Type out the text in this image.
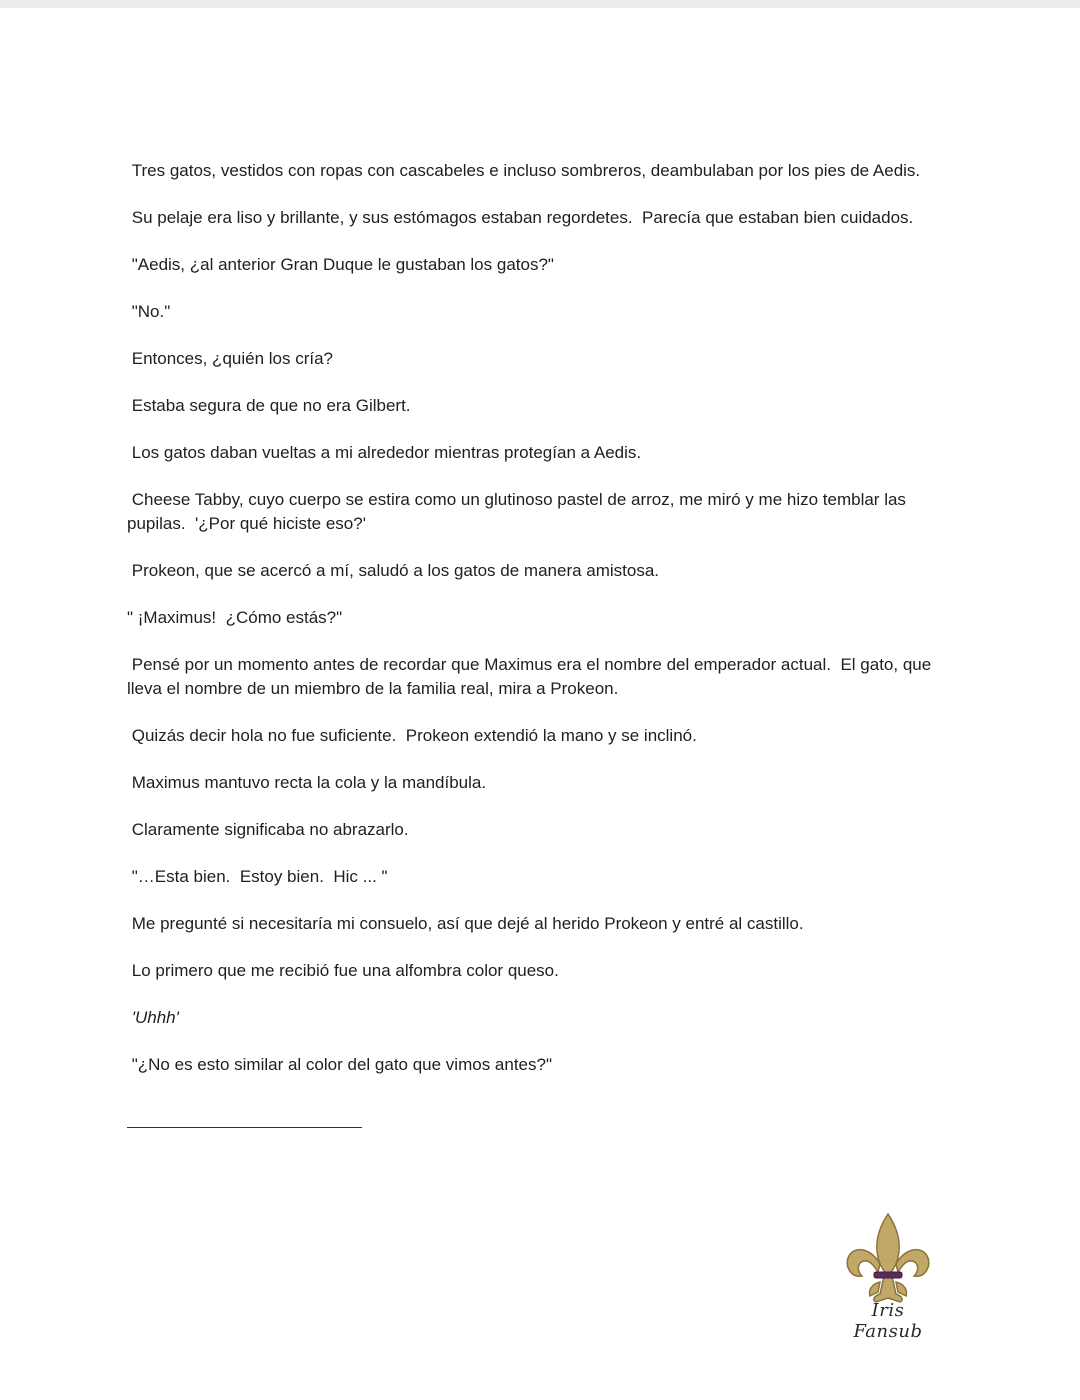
Tres gatos, vestidos con ropas con cascabeles e incluso sombreros, deambulaban por los pies de Aedis.

Su pelaje era liso y brillante, y sus estómagos estaban regordetes.  Parecía que estaban bien cuidados.

"Aedis, ¿al anterior Gran Duque le gustaban los gatos?"

"No."

Entonces, ¿quién los cría?

Estaba segura de que no era Gilbert.

Los gatos daban vueltas a mi alrededor mientras protegían a Aedis.

Cheese Tabby, cuyo cuerpo se estira como un glutinoso pastel de arroz, me miró y me hizo temblar las pupilas.  '¿Por qué hiciste eso?'

Prokeon, que se acercó a mí, saludó a los gatos de manera amistosa.

" ¡Maximus!  ¿Cómo estás?"

Pensé por un momento antes de recordar que Maximus era el nombre del emperador actual.  El gato, que lleva el nombre de un miembro de la familia real, mira a Prokeon.

Quizás decir hola no fue suficiente.  Prokeon extendió la mano y se inclinó.

Maximus mantuvo recta la cola y la mandíbula.

Claramente significaba no abrazarlo.

"…Esta bien.  Estoy bien.  Hic ... "

Me pregunté si necesitaría mi consuelo, así que dejé al herido Prokeon y entré al castillo.

Lo primero que me recibió fue una alfombra color queso.

'Uhhh'

"¿No es esto similar al color del gato que vimos antes?"

Iris Fansub
